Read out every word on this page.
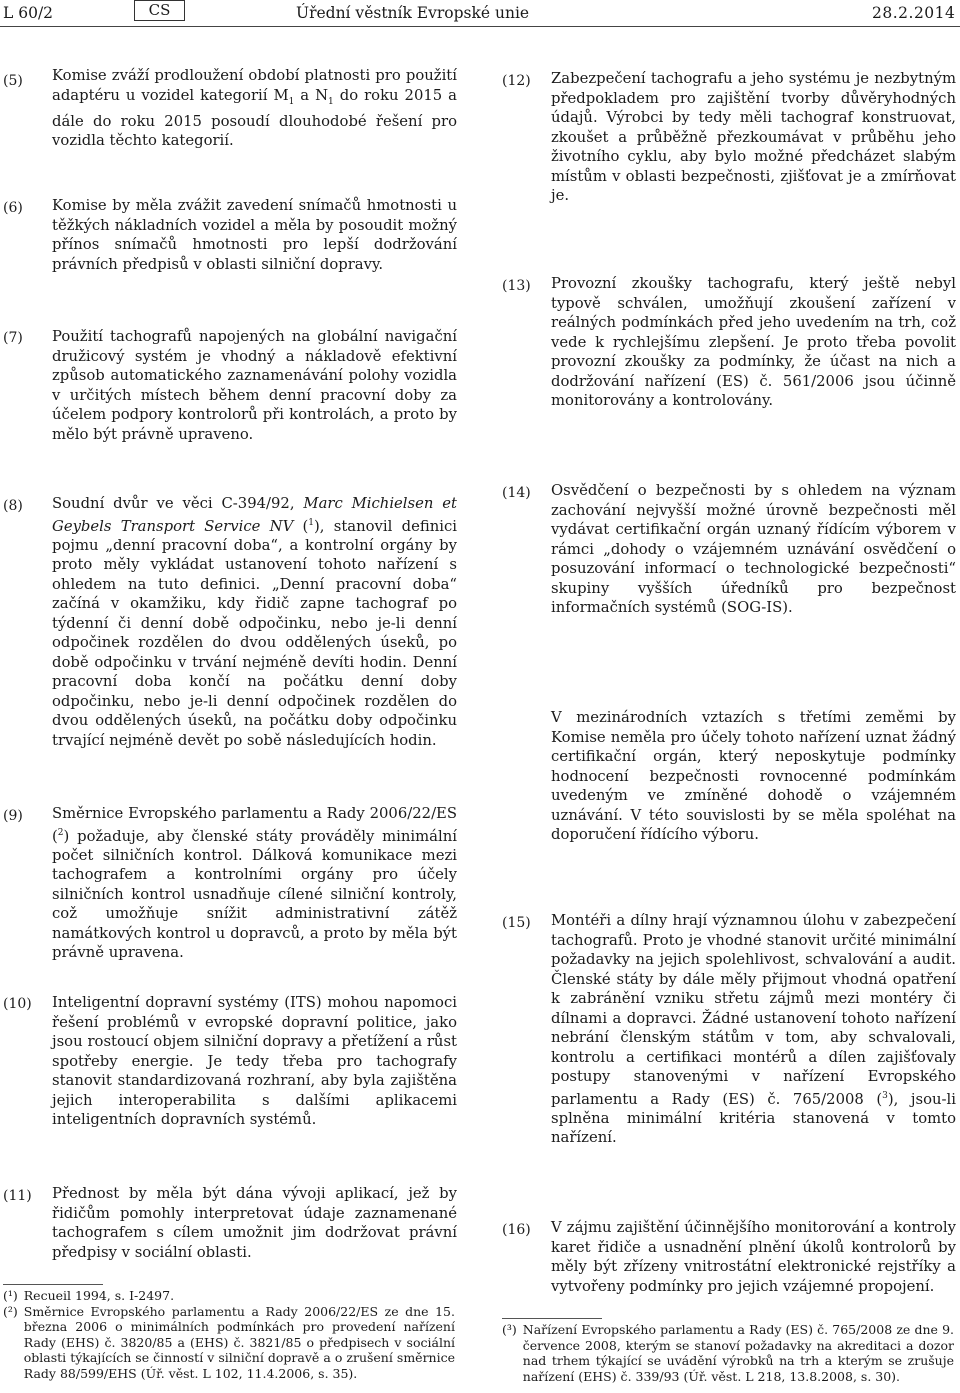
L 60/2	CS	Úřední věstník Evropské unie	28.2.2014
(5) Komise zváží prodloužení období platnosti pro použití adaptéru u vozidel kategorií $M_1$ a $N_1$ do roku 2015 a dále do roku 2015 posoudí dlouhodobé řešení pro vozidla těchto kategorií.

(6) Komise by měla zvážit zavedení snímačů hmotnosti u těžkých nákladních vozidel a měla by posoudit možný přínos snímačů hmotnosti pro lepší dodržování právních předpisů v oblasti silniční dopravy.

(7) Použití tachografů napojených na globální navigační družicový systém je vhodný a nákladově efektivní způsob automatického zaznamenávání polohy vozidla v určitých místech během denní pracovní doby za účelem podpory kontrolorů při kontrolách, a proto by mělo být právně upraveno.

(8) Soudní dvůr ve věci C-394/92, Marc Michielsen et Geybels Transport Service NV ($^1$), stanovil definici pojmu „denní pracovní doba“, a kontrolní orgány by proto měly vykládat ustanovení tohoto nařízení s ohledem na tuto definici. „Denní pracovní doba“ začíná v okamžiku, kdy řidič zapne tachograf po týdenní či denní době odpočinku, nebo je-li denní odpočinek rozdělen do dvou oddělených úseků, po době odpočinku v trvání nejméně devíti hodin. Denní pracovní doba končí na počátku denní doby odpočinku, nebo je-li denní odpočinek rozdělen do dvou oddělených úseků, na počátku doby odpočinku trvající nejméně devět po sobě následujících hodin.

(9) Směrnice Evropského parlamentu a Rady 2006/22/ES ($^2$) požaduje, aby členské státy prováděly minimální počet silničních kontrol. Dálková komunikace mezi tachografem a kontrolními orgány pro účely silničních kontrol usnadňuje cílené silniční kontroly, což umožňuje snížit administrativní zátěž namátkových kontrol u dopravců, a proto by měla být právně upravena.

(10) Inteligentní dopravní systémy (ITS) mohou napomoci řešení problémů v evropské dopravní politice, jako jsou rostoucí objem silniční dopravy a přetížení a růst spotřeby energie. Je tedy třeba pro tachografy stanovit standardizovaná rozhraní, aby byla zajištěna jejich interoperabilita s dalšími aplikacemi inteligentních dopravních systémů.

(11) Přednost by měla být dána vývoji aplikací, jež by řidičům pomohly interpretovat údaje zaznamenané tachografem s cílem umožnit jim dodržovat právní předpisy v sociální oblasti.

(12) Zabezpečení tachografu a jeho systému je nezbytným předpokladem pro zajištění tvorby důvěryhodných údajů. Výrobci by tedy měli tachograf konstruovat, zkoušet a průběžně přezkoumávat v průběhu jeho životního cyklu, aby bylo možné předcházet slabým místům v oblasti bezpečnosti, zjišťovat je a zmírňovat je.

(13) Provozní zkoušky tachografu, který ještě nebyl typově schválen, umožňují zkoušení zařízení v reálných podmínkách před jeho uvedením na trh, což vede k rychlejšímu zlepšení. Je proto třeba povolit provozní zkoušky za podmínky, že účast na nich a dodržování nařízení (ES) č. 561/2006 jsou účinně monitorovány a kontrolovány.

(14) Osvědčení o bezpečnosti by s ohledem na význam zachování nejvyšší možné úrovně bezpečnosti měl vydávat certifikační orgán uznaný řídícím výborem v rámci „dohody o vzájemném uznávání osvědčení o posuzování informací o technologické bezpečnosti“ skupiny vyšších úředníků pro bezpečnost informačních systémů (SOG-IS).

V mezinárodních vztazích s třetími zeměmi by Komise neměla pro účely tohoto nařízení uznat žádný certifikační orgán, který neposkytuje podmínky hodnocení bezpečnosti rovnocenné podmínkám uvedeným ve zmíněné dohodě o vzájemném uznávání. V této souvislosti by se měla spoléhat na doporučení řídícího výboru.

(15) Montéři a dílny hrají významnou úlohu v zabezpečení tachografů. Proto je vhodné stanovit určité minimální požadavky na jejich spolehlivost, schvalování a audit. Členské státy by dále měly přijmout vhodná opatření k zabránění vzniku střetu zájmů mezi montéry či dílnami a dopravci. Žádné ustanovení tohoto nařízení nebrání členským státům v tom, aby schvalovali, kontrolu a certifikaci montérů a dílen zajišťovaly postupy stanovenými v nařízení Evropského parlamentu a Rady (ES) č. 765/2008 ($^3$), jsou-li splněna minimální kritéria stanovená v tomto nařízení.

(16) V zájmu zajištění účinnějšího monitorování a kontroly karet řidiče a usnadnění plnění úkolů kontrolorů by měly být zřízeny vnitrostátní elektronické rejstříky a vytvořeny podmínky pro jejich vzájemné propojení.

(¹) Recueil 1994, s. I-2497.
(²) Směrnice Evropského parlamentu a Rady 2006/22/ES ze dne 15. března 2006 o minimálních podmínkách pro provedení nařízení Rady (EHS) č. 3820/85 a (EHS) č. 3821/85 o předpisech v sociální oblasti týkajících se činností v silniční dopravě a o zrušení směrnice Rady 88/599/EHS (Úř. věst. L 102, 11.4.2006, s. 35).
(³) Nařízení Evropského parlamentu a Rady (ES) č. 765/2008 ze dne 9. července 2008, kterým se stanoví požadavky na akreditaci a dozor nad trhem týkající se uvádění výrobků na trh a kterým se zrušuje nařízení (EHS) č. 339/93 (Úř. věst. L 218, 13.8.2008, s. 30).
